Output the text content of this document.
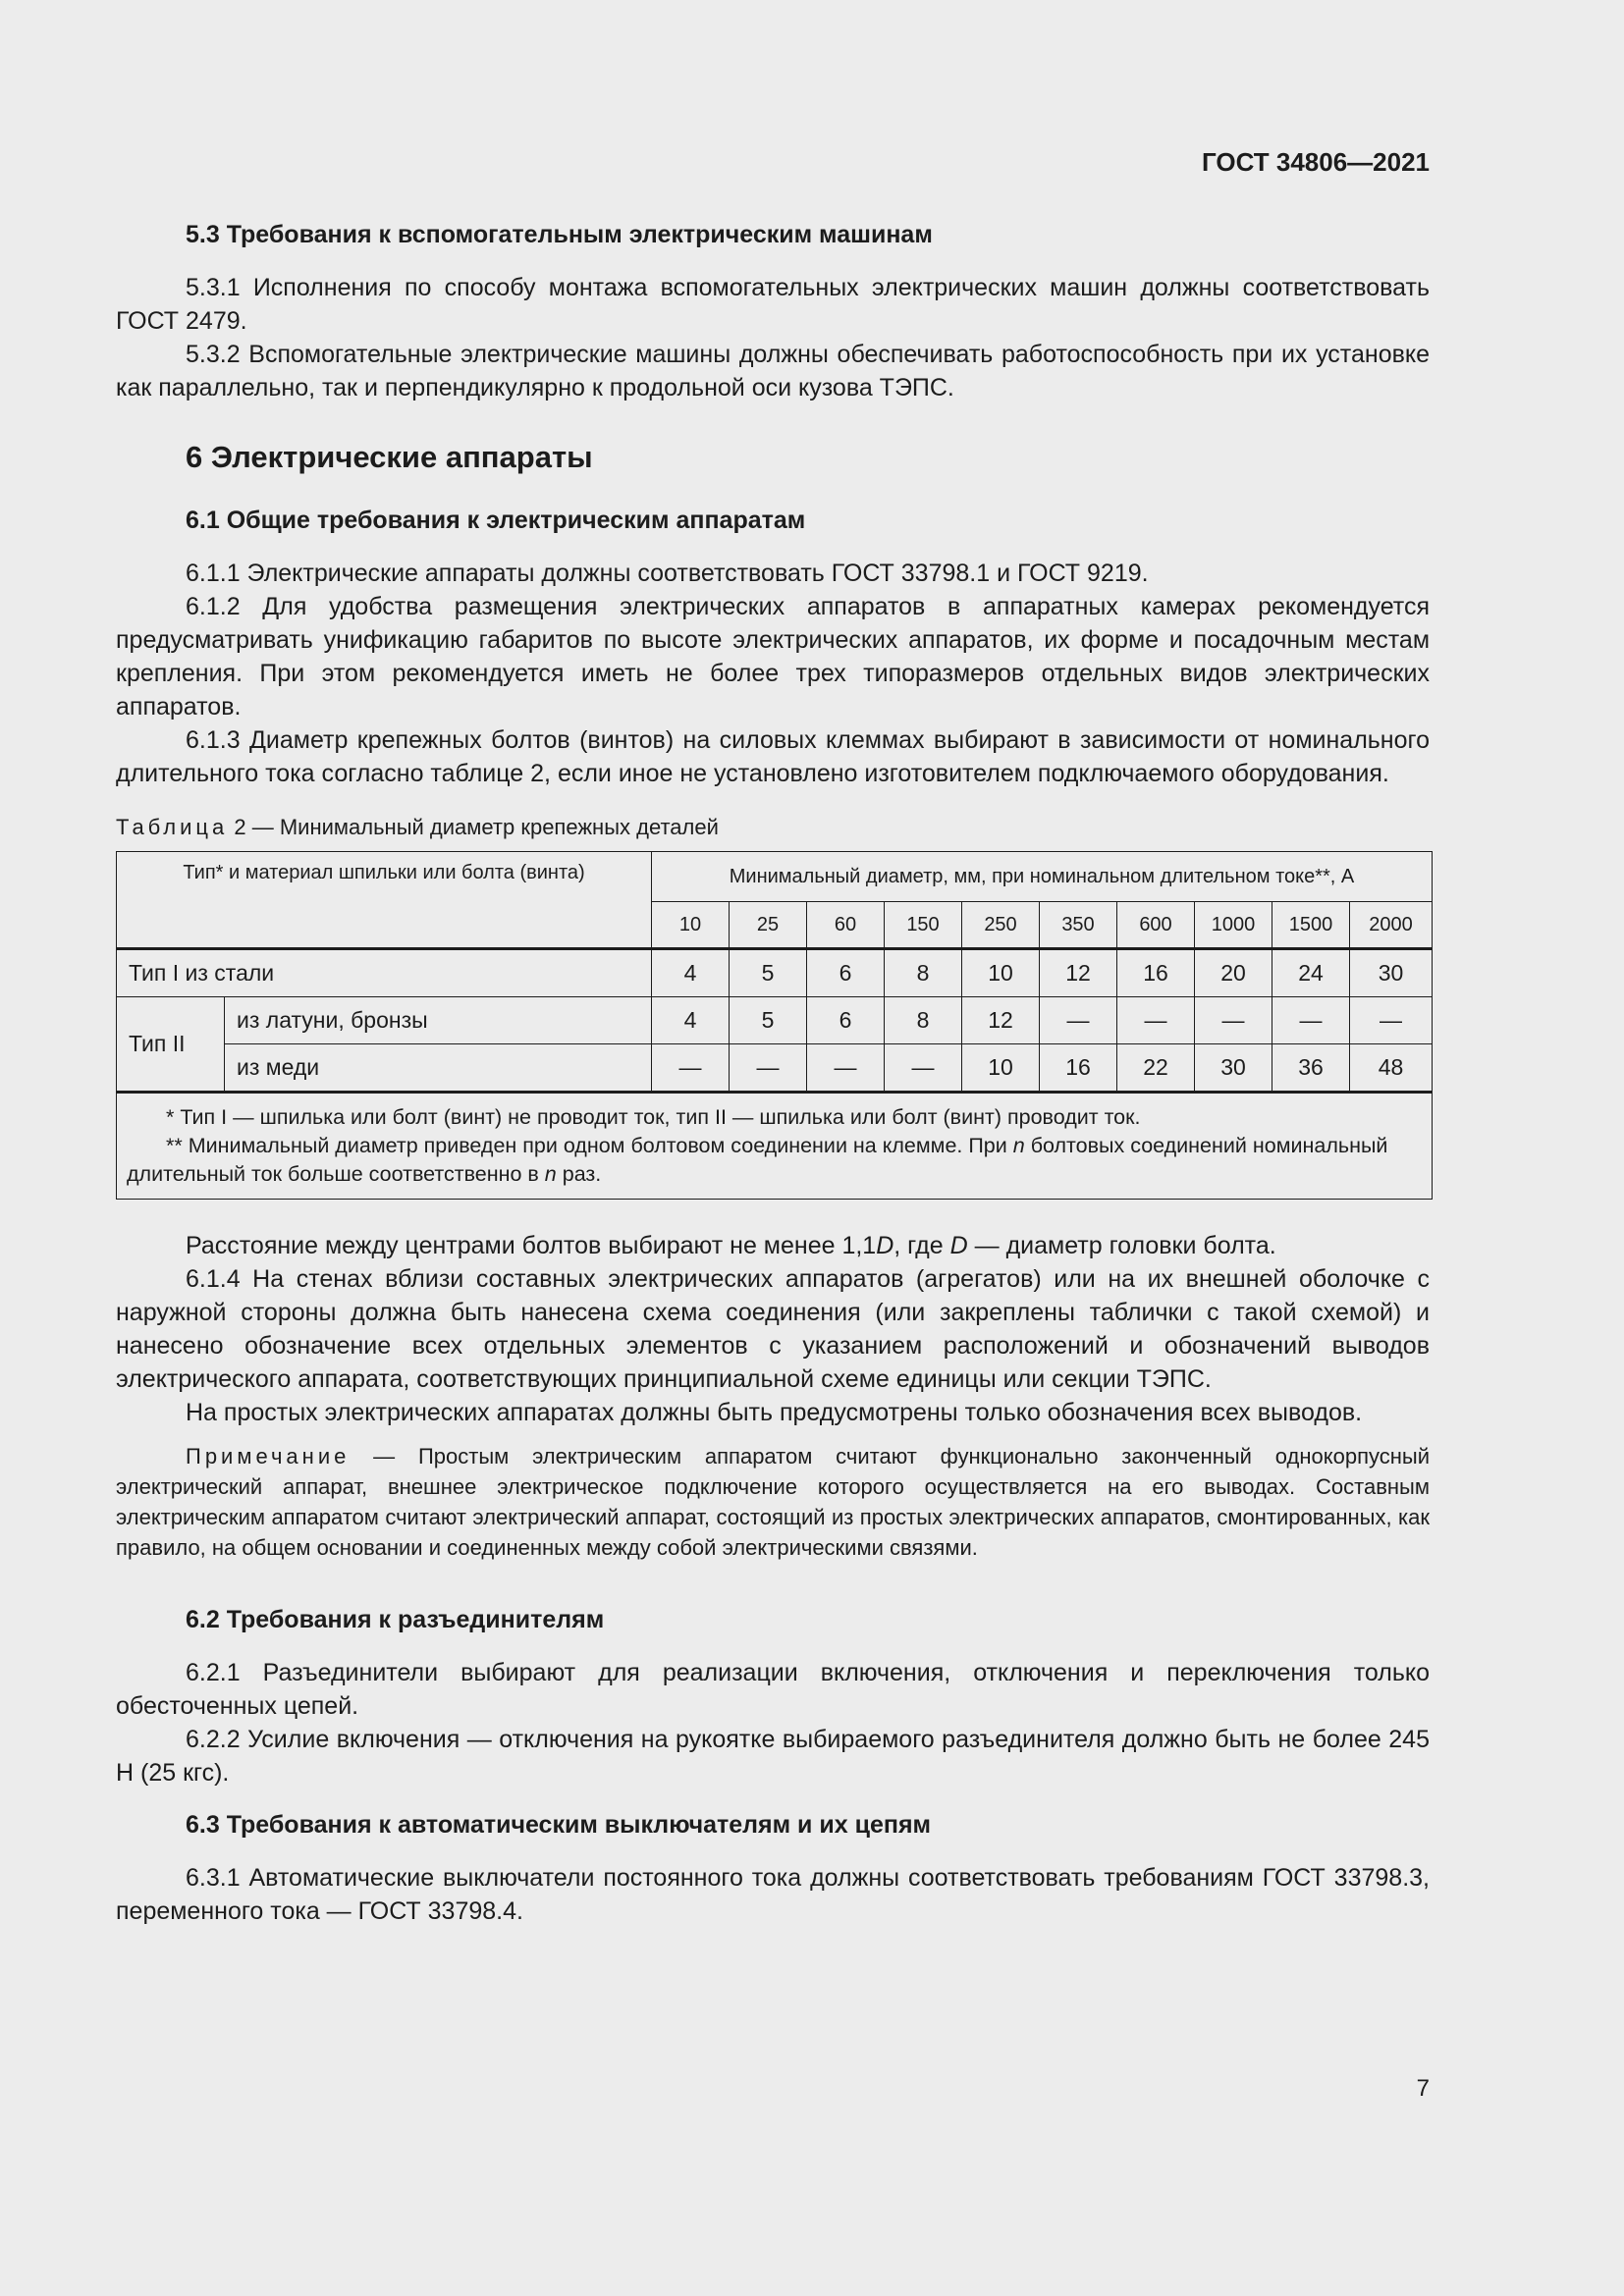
ГОСТ 34806—2021
5.3 Требования к вспомогательным электрическим машинам

5.3.1 Исполнения по способу монтажа вспомогательных электрических машин должны соответствовать ГОСТ 2479.

5.3.2 Вспомогательные электрические машины должны обеспечивать работоспособность при их установке как параллельно, так и перпендикулярно к продольной оси кузова ТЭПС.

6 Электрические аппараты
6.1 Общие требования к электрическим аппаратам

6.1.1 Электрические аппараты должны соответствовать ГОСТ 33798.1 и ГОСТ 9219.

6.1.2 Для удобства размещения электрических аппаратов в аппаратных камерах рекомендуется предусматривать унификацию габаритов по высоте электрических аппаратов, их форме и посадочным местам крепления. При этом рекомендуется иметь не более трех типоразмеров отдельных видов электрических аппаратов.

6.1.3 Диаметр крепежных болтов (винтов) на силовых клеммах выбирают в зависимости от номинального длительного тока согласно таблице 2, если иное не установлено изготовителем подключаемого оборудования.

Таблица 2 — Минимальный диаметр крепежных деталей
Тип* и материал шпильки или болта (винта)		Минимальный диаметр, мм, при номинальном длительном токе**, А									
		10	25	60	150	250	350	600	1000	1500	2000
Тип I из стали		4	5	6	8	10	12	16	20	24	30
Тип II	из латуни, бронзы	4	5	6	8	12	—	—	—	—	—
	из меди	—	—	—	—	10	16	22	30	36	48

* Тип I — шпилька или болт (винт) не проводит ток, тип II — шпилька или болт (винт) проводит ток.
** Минимальный диаметр приведен при одном болтовом соединении на клемме. При n болтовых соединений номинальный длительный ток больше соответственно в n раз.											

Расстояние между центрами болтов выбирают не менее 1,1D, где D — диаметр головки болта.

6.1.4 На стенах вблизи составных электрических аппаратов (агрегатов) или на их внешней оболочке с наружной стороны должна быть нанесена схема соединения (или закреплены таблички с такой схемой) и нанесено обозначение всех отдельных элементов с указанием расположений и обозначений выводов электрического аппарата, соответствующих принципиальной схеме единицы или секции ТЭПС.

На простых электрических аппаратах должны быть предусмотрены только обозначения всех выводов.

Примечание — Простым электрическим аппаратом считают функционально законченный однокорпусный электрический аппарат, внешнее электрическое подключение которого осуществляется на его выводах. Составным электрическим аппаратом считают электрический аппарат, состоящий из простых электрических аппаратов, смонтированных, как правило, на общем основании и соединенных между собой электрическими связями.
6.2 Требования к разъединителям

6.2.1 Разъединители выбирают для реализации включения, отключения и переключения только обесточенных цепей.

6.2.2 Усилие включения — отключения на рукоятке выбираемого разъединителя должно быть не более 245 Н (25 кгс).

6.3 Требования к автоматическим выключателям и их цепям

6.3.1 Автоматические выключатели постоянного тока должны соответствовать требованиям ГОСТ 33798.3, переменного тока — ГОСТ 33798.4.

7
